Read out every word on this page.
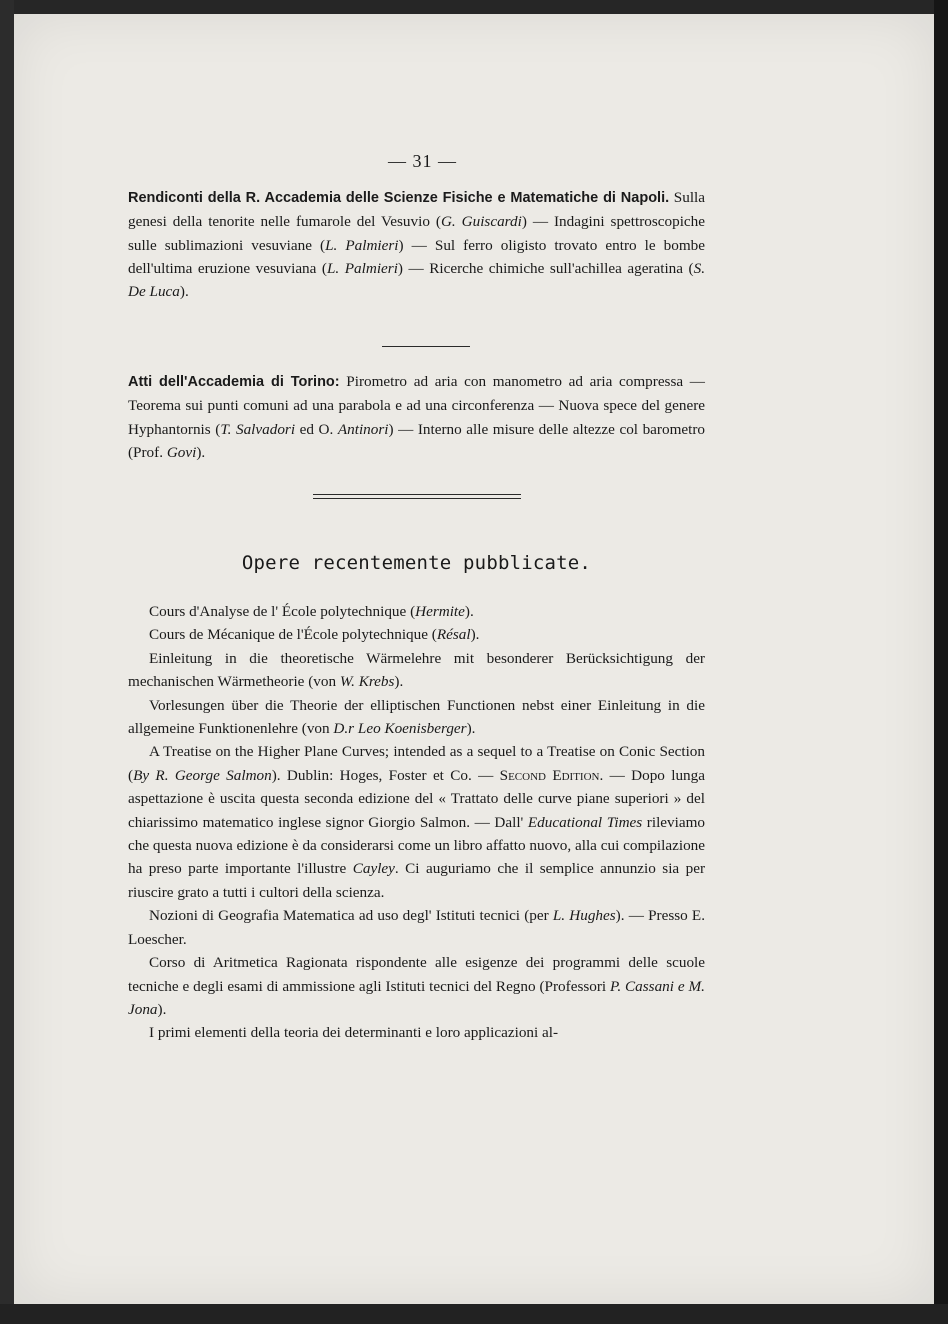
— 31 —

Rendiconti della R. Accademia delle Scienze Fisiche e Matematiche di Napoli. Sulla genesi della tenorite nelle fumarole del Vesuvio (G. Guiscardi) — Indagini spettroscopiche sulle sublimazioni vesuviane (L. Palmieri) — Sul ferro oligisto trovato entro le bombe dell'ultima eruzione vesuviana (L. Palmieri) — Ricerche chimiche sull'achillea ageratina (S. De Luca).

Atti dell'Accademia di Torino: Pirometro ad aria con manometro ad aria compressa — Teorema sui punti comuni ad una parabola e ad una circonferenza — Nuova spece del genere Hyphantornis (T. Salvadori ed O. Antinori) — Interno alle misure delle altezze col barometro (Prof. Govi).

Opere recentemente pubblicate.

Cours d'Analyse de l' École polytechnique (Hermite).

Cours de Mécanique de l'École polytechnique (Résal).

Einleitung in die theoretische Wärmelehre mit besonderer Berücksichtigung der mechanischen Wärmetheorie (von W. Krebs).

Vorlesungen über die Theorie der elliptischen Functionen nebst einer Einleitung in die allgemeine Funktionenlehre (von D.r Leo Koenisberger).

A Treatise on the Higher Plane Curves; intended as a sequel to a Treatise on Conic Section (By R. George Salmon). Dublin: Hoges, Foster et Co. — Second Edition. — Dopo lunga aspettazione è uscita questa seconda edizione del « Trattato delle curve piane superiori » del chiarissimo matematico inglese signor Giorgio Salmon. — Dall' Educational Times rileviamo che questa nuova edizione è da considerarsi come un libro affatto nuovo, alla cui compilazione ha preso parte importante l'illustre Cayley. Ci auguriamo che il semplice annunzio sia per riuscire grato a tutti i cultori della scienza.

Nozioni di Geografia Matematica ad uso degl' Istituti tecnici (per L. Hughes). — Presso E. Loescher.

Corso di Aritmetica Ragionata rispondente alle esigenze dei programmi delle scuole tecniche e degli esami di ammissione agli Istituti tecnici del Regno (Professori P. Cassani e M. Jona).

I primi elementi della teoria dei determinanti e loro applicazioni al-
